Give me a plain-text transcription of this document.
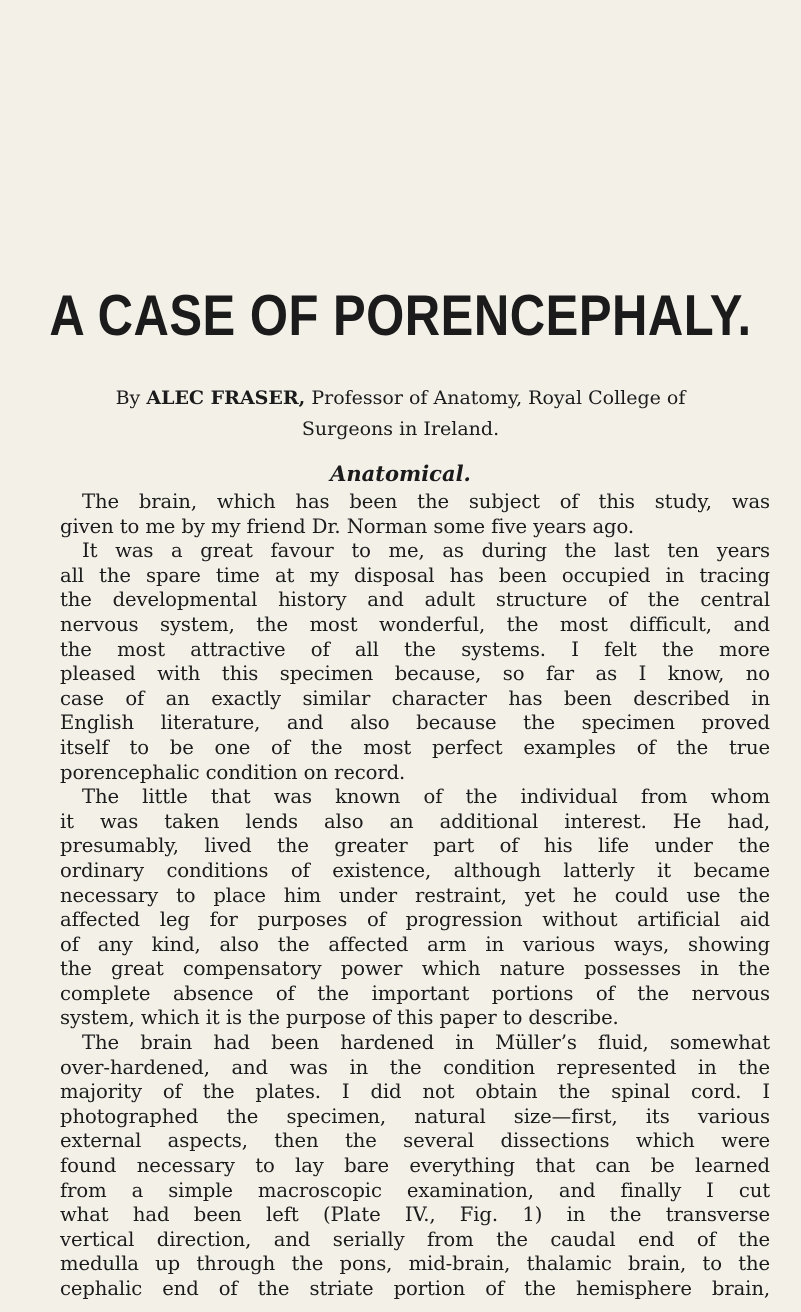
A CASE OF PORENCEPHALY.

By ALEC FRASER, Professor of Anatomy, Royal College of
Surgeons in Ireland.

Anatomical.
The brain, which has been the subject of this study, was
given to me by my friend Dr. Norman some five years ago.
It was a great favour to me, as during the last ten years
all the spare time at my disposal has been occupied in tracing
the developmental history and adult structure of the central
nervous system, the most wonderful, the most difficult, and
the most attractive of all the systems. I felt the more
pleased with this specimen because, so far as I know, no
case of an exactly similar character has been described in
English literature, and also because the specimen proved
itself to be one of the most perfect examples of the true
porencephalic condition on record.
The little that was known of the individual from whom
it was taken lends also an additional interest. He had,
presumably, lived the greater part of his life under the
ordinary conditions of existence, although latterly it became
necessary to place him under restraint, yet he could use the
affected leg for purposes of progression without artificial aid
of any kind, also the affected arm in various ways, showing
the great compensatory power which nature possesses in the
complete absence of the important portions of the nervous
system, which it is the purpose of this paper to describe.
The brain had been hardened in Müller’s fluid, somewhat
over-hardened, and was in the condition represented in the
majority of the plates. I did not obtain the spinal cord. I
photographed the specimen, natural size—first, its various
external aspects, then the several dissections which were
found necessary to lay bare everything that can be learned
from a simple macroscopic examination, and finally I cut
what had been left (Plate IV., Fig. 1) in the transverse
vertical direction, and serially from the caudal end of the
medulla up through the pons, mid-brain, thalamic brain, to the
cephalic end of the striate portion of the hemisphere brain,
